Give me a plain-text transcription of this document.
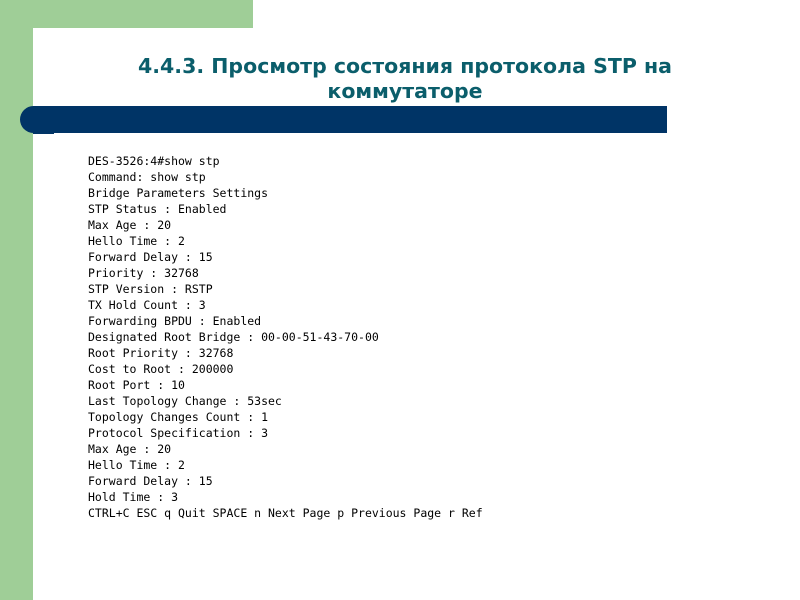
4.4.3. Просмотр состояния протокола STP на коммутаторе
DES-3526:4#show stp
Command: show stp
Bridge Parameters Settings
STP Status : Enabled
Max Age : 20
Hello Time : 2
Forward Delay : 15
Priority : 32768
STP Version : RSTP
TX Hold Count : 3
Forwarding BPDU : Enabled
Designated Root Bridge : 00-00-51-43-70-00
Root Priority : 32768
Cost to Root : 200000
Root Port : 10
Last Topology Change : 53sec
Topology Changes Count : 1
Protocol Specification : 3
Max Age : 20
Hello Time : 2
Forward Delay : 15
Hold Time : 3
CTRL+C ESC q Quit SPACE n Next Page p Previous Page r Ref
